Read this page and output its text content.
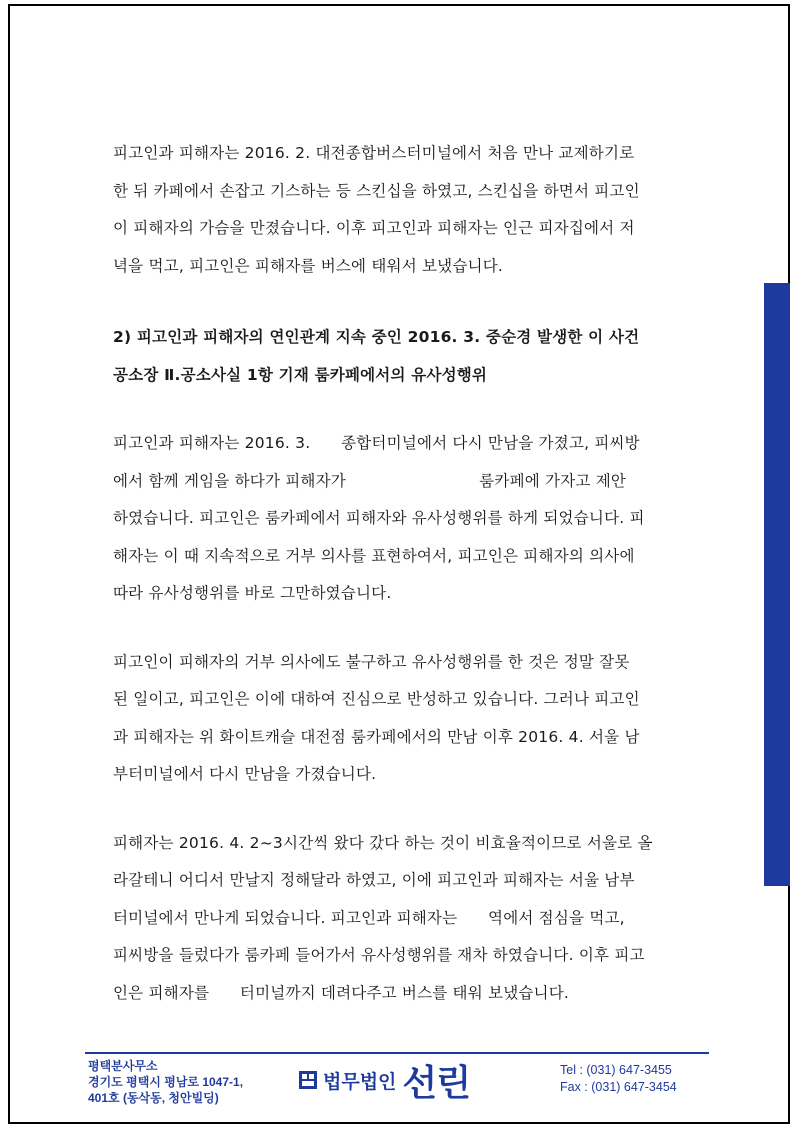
피고인과 피해자는 2016. 2. 대전종합버스터미널에서 처음 만나 교제하기로

한 뒤 카페에서 손잡고 기스하는 등 스킨십을 하였고, 스킨십을 하면서 피고인

이 피해자의 가슴을 만졌습니다. 이후 피고인과 피해자는 인근 피자집에서 저

녁을 먹고, 피고인은 피해자를 버스에 태워서 보냈습니다.

2) 피고인과 피해자의 연인관계 지속 중인 2016. 3. 중순경 발생한 이 사건

공소장 Ⅱ.공소사실 1항 기재 룸카페에서의 유사성행위

피고인과 피해자는 2016. 3.      종합터미널에서 다시 만남을 가졌고, 피씨방

에서 함께 게임을 하다가 피해자가                          룸카페에 가자고 제안

하였습니다. 피고인은 룸카페에서 피해자와 유사성행위를 하게 되었습니다. 피

해자는 이 때 지속적으로 거부 의사를 표현하여서, 피고인은 피해자의 의사에

따라 유사성행위를 바로 그만하였습니다.

피고인이 피해자의 거부 의사에도 불구하고 유사성행위를 한 것은 정말 잘못

된 일이고, 피고인은 이에 대하여 진심으로 반성하고 있습니다. 그러나 피고인

과 피해자는 위 화이트캐슬 대전점 룸카페에서의 만남 이후 2016. 4. 서울 남

부터미널에서 다시 만남을 가졌습니다.

피해자는 2016. 4. 2~3시간씩 왔다 갔다 하는 것이 비효율적이므로 서울로 올

라갈테니 어디서 만날지 정해달라 하였고, 이에 피고인과 피해자는 서울 남부

터미널에서 만나게 되었습니다. 피고인과 피해자는      역에서 점심을 먹고,

피씨방을 들렀다가 룸카페 들어가서 유사성행위를 재차 하였습니다. 이후 피고

인은 피해자를      터미널까지 데려다주고 버스를 태워 보냈습니다.

평택분사무소
경기도 평택시 평남로 1047-1,
401호 (동삭동, 청안빌딩)
법무법인 선린	Tel : (031) 647-3455
Fax : (031) 647-3454
